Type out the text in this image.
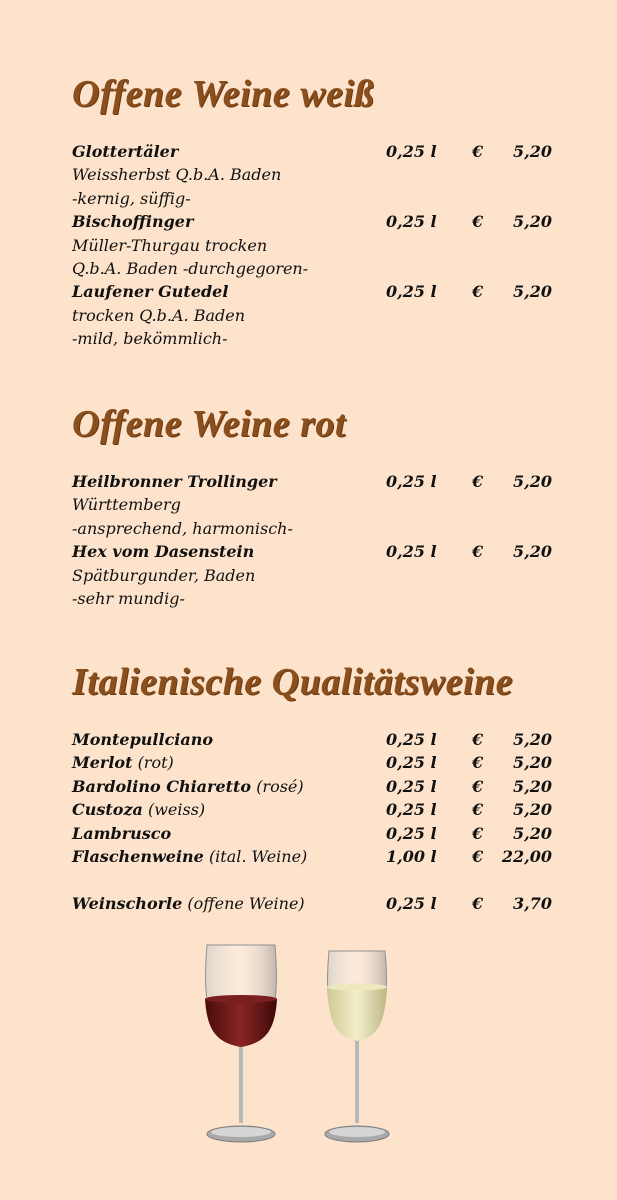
Offene Weine weiß
Glottertäler	0,25 l € 5,20
Weissherbst Q.b.A. Baden
-kernig, süffig-
Bischoffinger	0,25 l € 5,20
Müller-Thurgau trocken
Q.b.A. Baden -durchgegoren-
Laufener Gutedel	0,25 l € 5,20
trocken Q.b.A. Baden
-mild, bekömmlich-
Offene Weine rot
Heilbronner Trollinger	0,25 l € 5,20
Württemberg
-ansprechend, harmonisch-
Hex vom Dasenstein	0,25 l € 5,20
Spätburgunder, Baden
-sehr mundig-
Italienische Qualitätsweine
Montepullciano	0,25 l € 5,20
Merlot (rot)	0,25 l € 5,20
Bardolino Chiaretto (rosé)	0,25 l € 5,20
Custoza (weiss)	0,25 l € 5,20
Lambrusco	0,25 l € 5,20
Flaschenweine (ital. Weine)	1,00 l € 22,00
Weinschorle (offene Weine)	0,25 l € 3,70
